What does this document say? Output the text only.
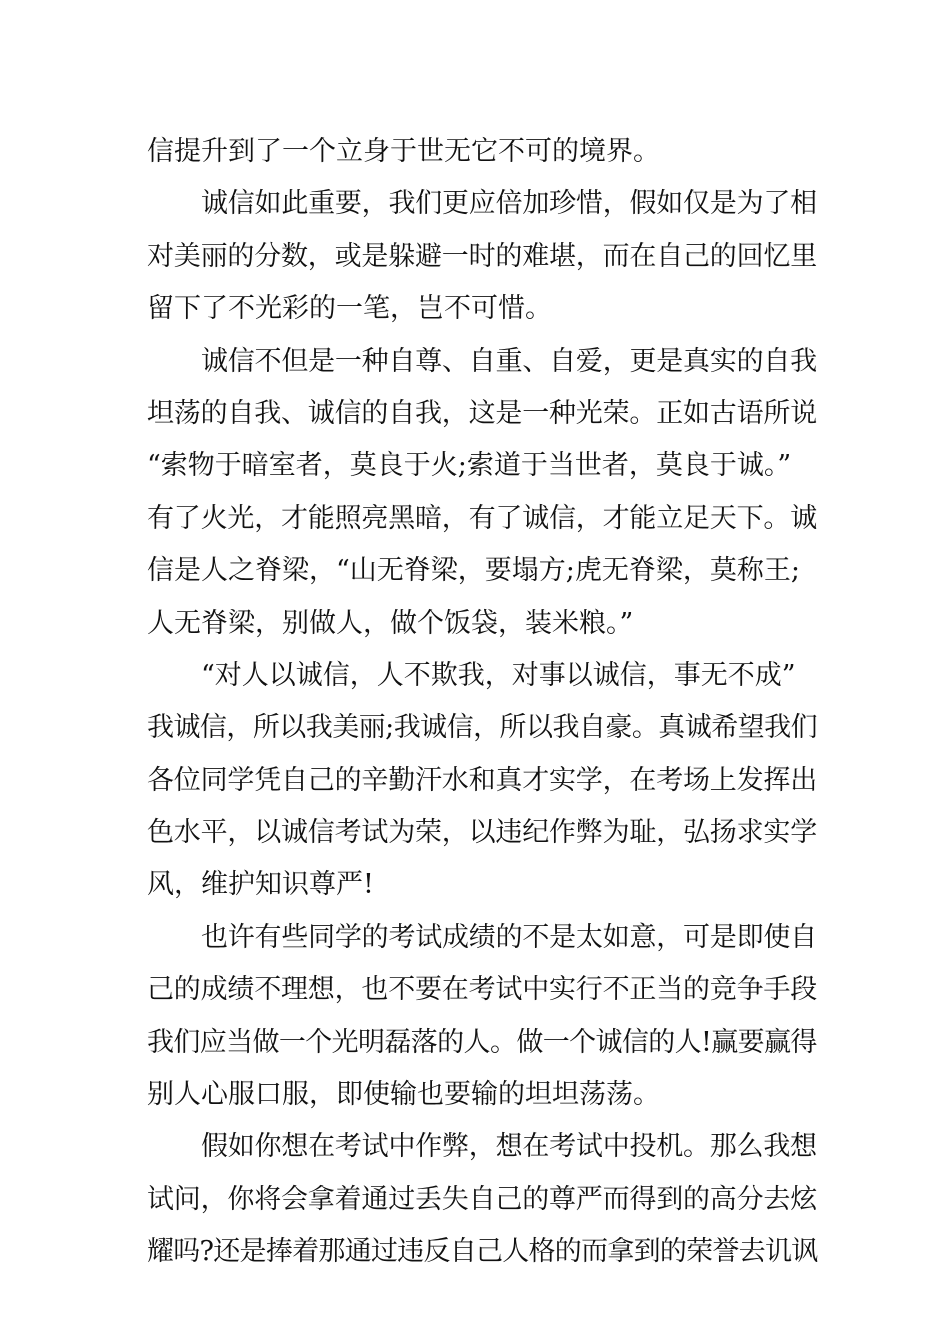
信提升到了一个立身于世无它不可的境界。
诚信如此重要，我们更应倍加珍惜，假如仅是为了相
对美丽的分数，或是躲避一时的难堪，而在自己的回忆里
留下了不光彩的一笔，岂不可惜。
诚信不但是一种自尊、自重、自爱，更是真实的自我
坦荡的自我、诚信的自我，这是一种光荣。正如古语所说
“索物于暗室者，莫良于火;索道于当世者，莫良于诚。”
有了火光，才能照亮黑暗，有了诚信，才能立足天下。诚
信是人之脊梁，“山无脊梁，要塌方;虎无脊梁，莫称王;
人无脊梁，别做人，做个饭袋，装米粮。”
“对人以诚信，人不欺我，对事以诚信，事无不成”
我诚信，所以我美丽;我诚信，所以我自豪。真诚希望我们
各位同学凭自己的辛勤汗水和真才实学，在考场上发挥出
色水平，以诚信考试为荣，以违纪作弊为耻，弘扬求实学
风，维护知识尊严!
也许有些同学的考试成绩的不是太如意，可是即使自
己的成绩不理想，也不要在考试中实行不正当的竞争手段
我们应当做一个光明磊落的人。做一个诚信的人!赢要赢得
别人心服口服，即使输也要输的坦坦荡荡。
假如你想在考试中作弊，想在考试中投机。那么我想
试问，你将会拿着通过丢失自己的尊严而得到的高分去炫
耀吗?还是捧着那通过违反自己人格的而拿到的荣誉去讥讽
